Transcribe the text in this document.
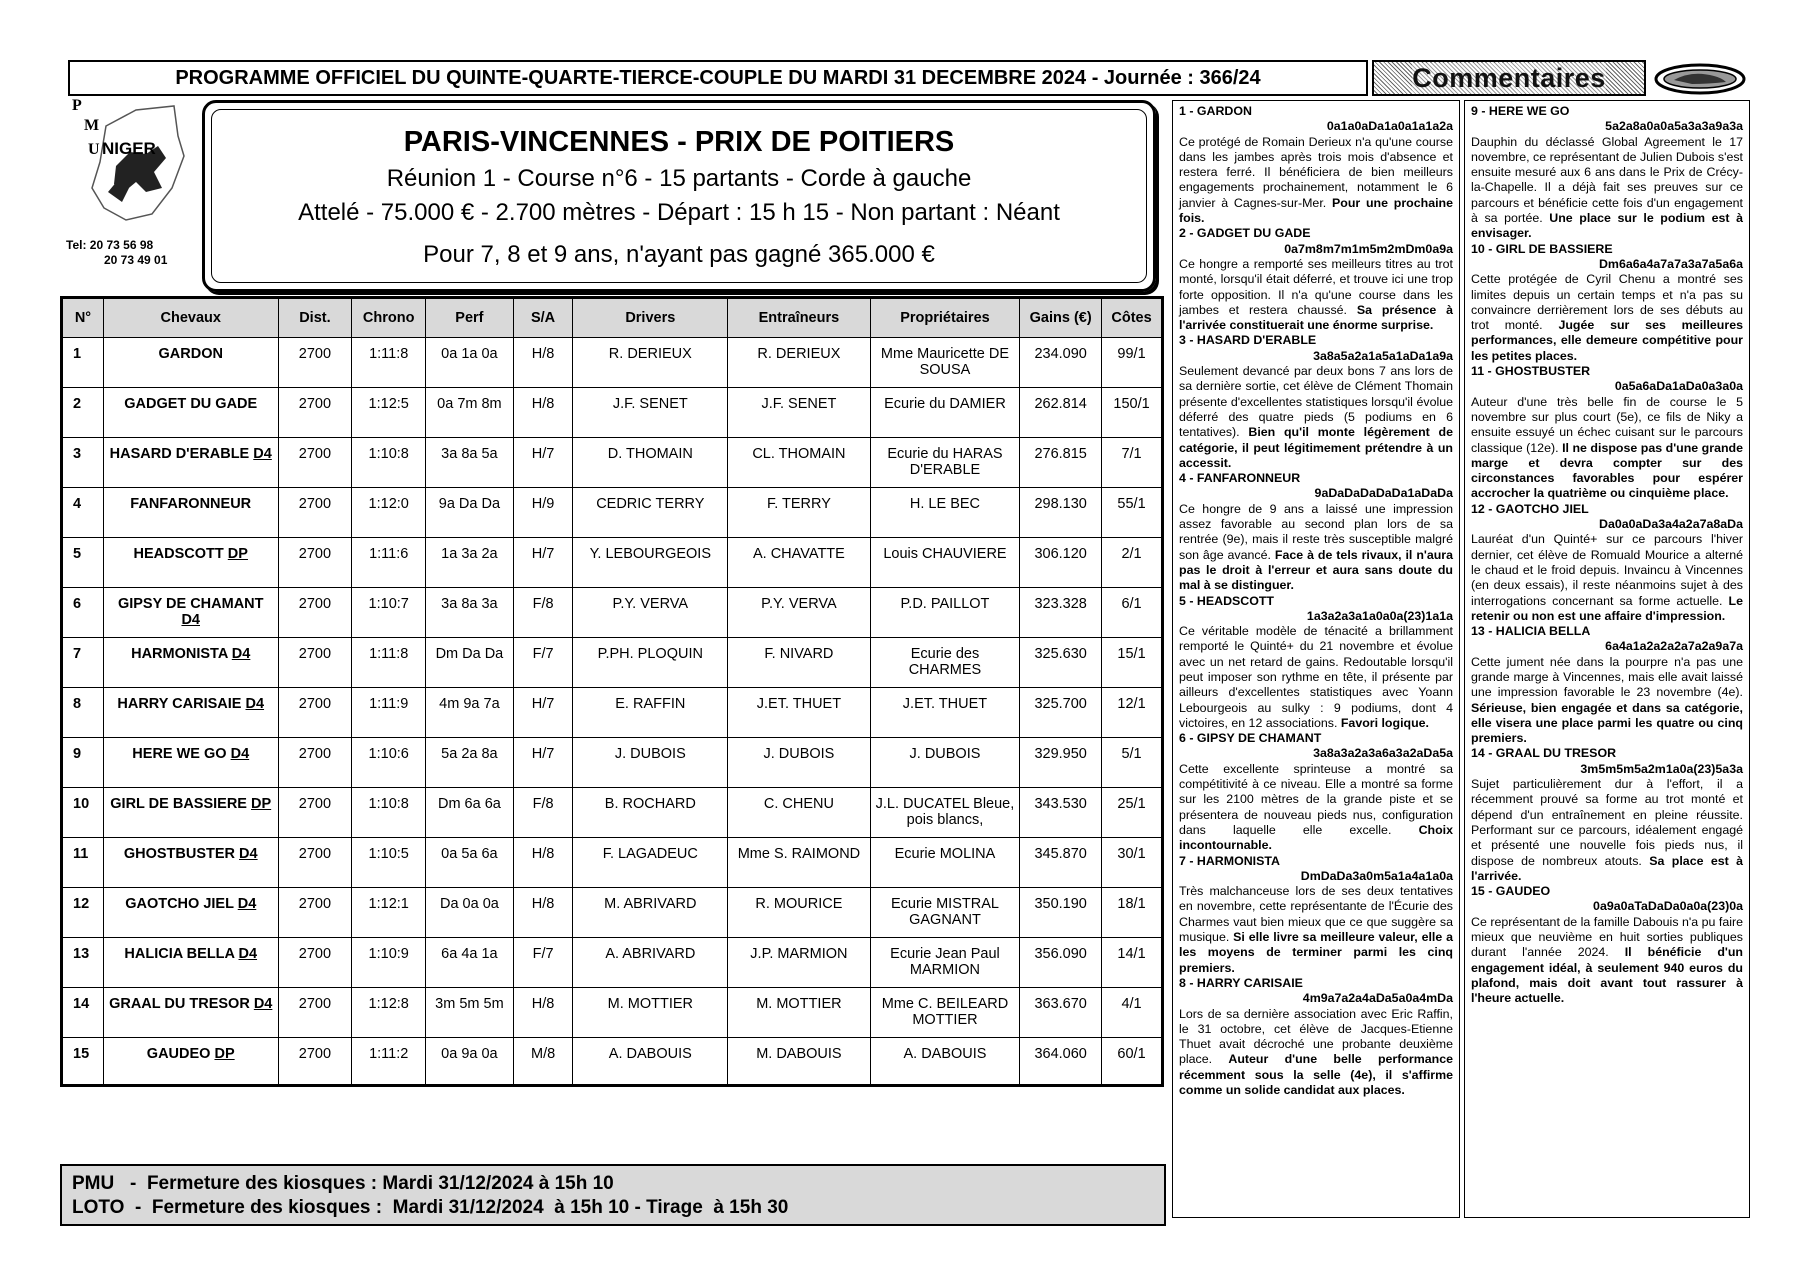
PROGRAMME OFFICIEL DU QUINTE-QUARTE-TIERCE-COUPLE DU MARDI 31 DECEMBRE 2024 - Journée : 366/24	Commentaires
P
M
U NIGER
Tel: 20 73 56 98
20 73 49 01
PARIS-VINCENNES - PRIX DE POITIERS
Réunion 1 - Course n°6 - 15 partants - Corde à gauche
Attelé - 75.000 € - 2.700 mètres - Départ : 15 h 15 - Non partant : Néant
Pour 7, 8 et 9 ans, n'ayant pas gagné 365.000 €
N°	Chevaux	Dist.	Chrono	Perf	S/A	Drivers	Entraîneurs	Propriétaires	Gains (€)	Côtes
1	GARDON	2700	1:11:8	0a 1a 0a	H/8	R. DERIEUX	R. DERIEUX	Mme Mauricette DE SOUSA	234.090	99/1
2	GADGET DU GADE	2700	1:12:5	0a 7m 8m	H/8	J.F. SENET	J.F. SENET	Ecurie du DAMIER	262.814	150/1
3	HASARD D'ERABLE D4	2700	1:10:8	3a 8a 5a	H/7	D. THOMAIN	CL. THOMAIN	Ecurie du HARAS D'ERABLE	276.815	7/1
4	FANFARONNEUR	2700	1:12:0	9a Da Da	H/9	CEDRIC TERRY	F. TERRY	H. LE BEC	298.130	55/1
5	HEADSCOTT DP	2700	1:11:6	1a 3a 2a	H/7	Y. LEBOURGEOIS	A. CHAVATTE	Louis CHAUVIERE	306.120	2/1
6	GIPSY DE CHAMANT D4	2700	1:10:7	3a 8a 3a	F/8	P.Y. VERVA	P.Y. VERVA	P.D. PAILLOT	323.328	6/1
7	HARMONISTA D4	2700	1:11:8	Dm Da Da	F/7	P.PH. PLOQUIN	F. NIVARD	Ecurie des CHARMES	325.630	15/1
8	HARRY CARISAIE D4	2700	1:11:9	4m 9a 7a	H/7	E. RAFFIN	J.ET. THUET	J.ET. THUET	325.700	12/1
9	HERE WE GO D4	2700	1:10:6	5a 2a 8a	H/7	J. DUBOIS	J. DUBOIS	J. DUBOIS	329.950	5/1
10	GIRL DE BASSIERE DP	2700	1:10:8	Dm 6a 6a	F/8	B. ROCHARD	C. CHENU	J.L. DUCATEL Bleue, pois blancs,	343.530	25/1
11	GHOSTBUSTER D4	2700	1:10:5	0a 5a 6a	H/8	F. LAGADEUC	Mme S. RAIMOND	Ecurie MOLINA	345.870	30/1
12	GAOTCHO JIEL D4	2700	1:12:1	Da 0a 0a	H/8	M. ABRIVARD	R. MOURICE	Ecurie MISTRAL GAGNANT	350.190	18/1
13	HALICIA BELLA D4	2700	1:10:9	6a 4a 1a	F/7	A. ABRIVARD	J.P. MARMION	Ecurie Jean Paul MARMION	356.090	14/1
14	GRAAL DU TRESOR D4	2700	1:12:8	3m 5m 5m	H/8	M. MOTTIER	M. MOTTIER	Mme C. BEILEARD MOTTIER	363.670	4/1
15	GAUDEO DP	2700	1:11:2	0a 9a 0a	M/8	A. DABOUIS	M. DABOUIS	A. DABOUIS	364.060	60/1
PMU   -  Fermeture des kiosques : Mardi 31/12/2024 à 15h 10
LOTO  -  Fermeture des kiosques :  Mardi 31/12/2024  à 15h 10 - Tirage  à 15h 30
1 - GARDON
0a1a0aDa1a0a1a1a2a
Ce protégé de Romain Derieux n'a qu'une course dans les jambes après trois mois d'absence et restera ferré. Il bénéficiera de bien meilleurs engagements prochainement, notamment le 6 janvier à Cagnes-sur-Mer. Pour une prochaine fois.
2 - GADGET DU GADE
0a7m8m7m1m5m2mDm0a9a
Ce hongre a remporté ses meilleurs titres au trot monté, lorsqu'il était déferré, et trouve ici une trop forte opposition. Il n'a qu'une course dans les jambes et restera chaussé. Sa présence à l'arrivée constituerait une énorme surprise.
3 - HASARD D'ERABLE
3a8a5a2a1a5a1aDa1a9a
Seulement devancé par deux bons 7 ans lors de sa dernière sortie, cet élève de Clément Thomain présente d'excellentes statistiques lorsqu'il évolue déferré des quatre pieds (5 podiums en 6 tentatives). Bien qu'il monte légèrement de catégorie, il peut légitimement prétendre à un accessit.
4 - FANFARONNEUR
9aDaDaDaDaDa1aDaDa
Ce hongre de 9 ans a laissé une impression assez favorable au second plan lors de sa rentrée (9e), mais il reste très susceptible malgré son âge avancé. Face à de tels rivaux, il n'aura pas le droit à l'erreur et aura sans doute du mal à se distinguer.
5 - HEADSCOTT
1a3a2a3a1a0a0a(23)1a1a
Ce véritable modèle de ténacité a brillamment remporté le Quinté+ du 21 novembre et évolue avec un net retard de gains. Redoutable lorsqu'il peut imposer son rythme en tête, il présente par ailleurs d'excellentes statistiques avec Yoann Lebourgeois au sulky : 9 podiums, dont 4 victoires, en 12 associations. Favori logique.
6 - GIPSY DE CHAMANT
3a8a3a2a3a6a3a2aDa5a
Cette excellente sprinteuse a montré sa compétitivité à ce niveau. Elle a montré sa forme sur les 2100 mètres de la grande piste et se présentera de nouveau pieds nus, configuration dans laquelle elle excelle. Choix incontournable.
7 - HARMONISTA
DmDaDa3a0m5a1a4a1a0a
Très malchanceuse lors de ses deux tentatives en novembre, cette représentante de l'Écurie des Charmes vaut bien mieux que ce que suggère sa musique. Si elle livre sa meilleure valeur, elle a les moyens de terminer parmi les cinq premiers.
8 - HARRY CARISAIE
4m9a7a2a4aDa5a0a4mDa
Lors de sa dernière association avec Eric Raffin, le 31 octobre, cet élève de Jacques-Etienne Thuet avait décroché une probante deuxième place. Auteur d'une belle performance récemment sous la selle (4e), il s'affirme comme un solide candidat aux places.
9 - HERE WE GO
5a2a8a0a0a5a3a3a9a3a
Dauphin du déclassé Global Agreement le 17 novembre, ce représentant de Julien Dubois s'est ensuite mesuré aux 6 ans dans le Prix de Crécy-la-Chapelle. Il a déjà fait ses preuves sur ce parcours et bénéficie cette fois d'un engagement à sa portée. Une place sur le podium est à envisager.
10 - GIRL DE BASSIERE
Dm6a6a4a7a7a3a7a5a6a
Cette protégée de Cyril Chenu a montré ses limites depuis un certain temps et n'a pas su convaincre derrièrement lors de ses débuts au trot monté. Jugée sur ses meilleures performances, elle demeure compétitive pour les petites places.
11 - GHOSTBUSTER
0a5a6aDa1aDa0a3a0a
Auteur d'une très belle fin de course le 5 novembre sur plus court (5e), ce fils de Niky a ensuite essuyé un échec cuisant sur le parcours classique (12e). Il ne dispose pas d'une grande marge et devra compter sur des circonstances favorables pour espérer accrocher la quatrième ou cinquième place.
12 - GAOTCHO JIEL
Da0a0aDa3a4a2a7a8aDa
Lauréat d'un Quinté+ sur ce parcours l'hiver dernier, cet élève de Romuald Mourice a alterné le chaud et le froid depuis. Invaincu à Vincennes (en deux essais), il reste néanmoins sujet à des interrogations concernant sa forme actuelle. Le retenir ou non est une affaire d'impression.
13 - HALICIA BELLA
6a4a1a2a2a2a7a2a9a7a
Cette jument née dans la pourpre n'a pas une grande marge à Vincennes, mais elle avait laissé une impression favorable le 23 novembre (4e). Sérieuse, bien engagée et dans sa catégorie, elle visera une place parmi les quatre ou cinq premiers.
14 - GRAAL DU TRESOR
3m5m5m5a2m1a0a(23)5a3a
Sujet particulièrement dur à l'effort, il a récemment prouvé sa forme au trot monté et dépend d'un entraînement en pleine réussite. Performant sur ce parcours, idéalement engagé et présenté une nouvelle fois pieds nus, il dispose de nombreux atouts. Sa place est à l'arrivée.
15 - GAUDEO
0a9a0aTaDaDa0a0a(23)0a
Ce représentant de la famille Dabouis n'a pu faire mieux que neuvième en huit sorties publiques durant l'année 2024. Il bénéficie d'un engagement idéal, à seulement 940 euros du plafond, mais doit avant tout rassurer à l'heure actuelle.
